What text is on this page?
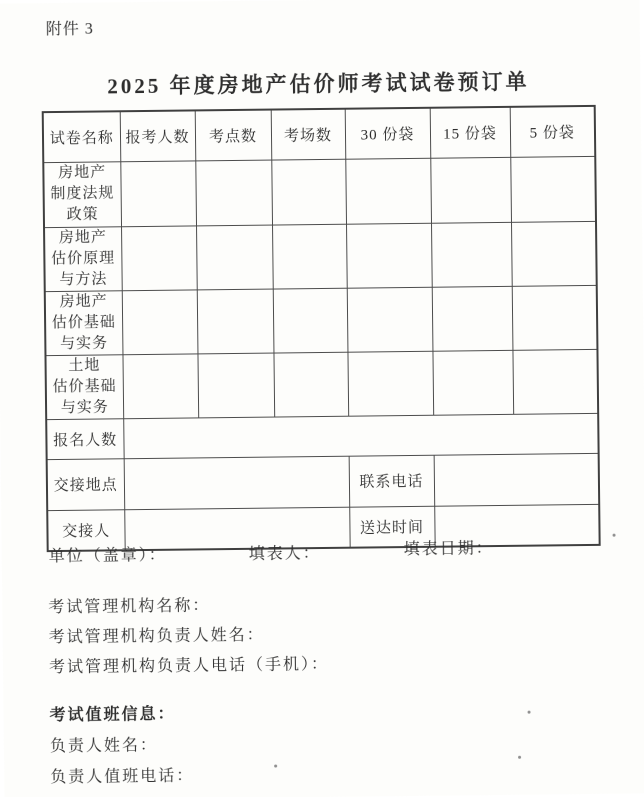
附件 3
2025 年度房地产估价师考试试卷预订单
试卷名称	报考人数	考点数	考场数	30 份袋	15 份袋	5 份袋
房地产
制度法规
政策						
房地产
估价原理
与方法						
房地产
估价基础
与实务						
土地
估价基础
与实务						
报名人数						
交接地点				联系电话		
交接人				送达时间		
单位（盖章）：	填表人：	填表日期：
考试管理机构名称：
考试管理机构负责人姓名：
考试管理机构负责人电话（手机）：
考试值班信息：
负责人姓名：
负责人值班电话：
